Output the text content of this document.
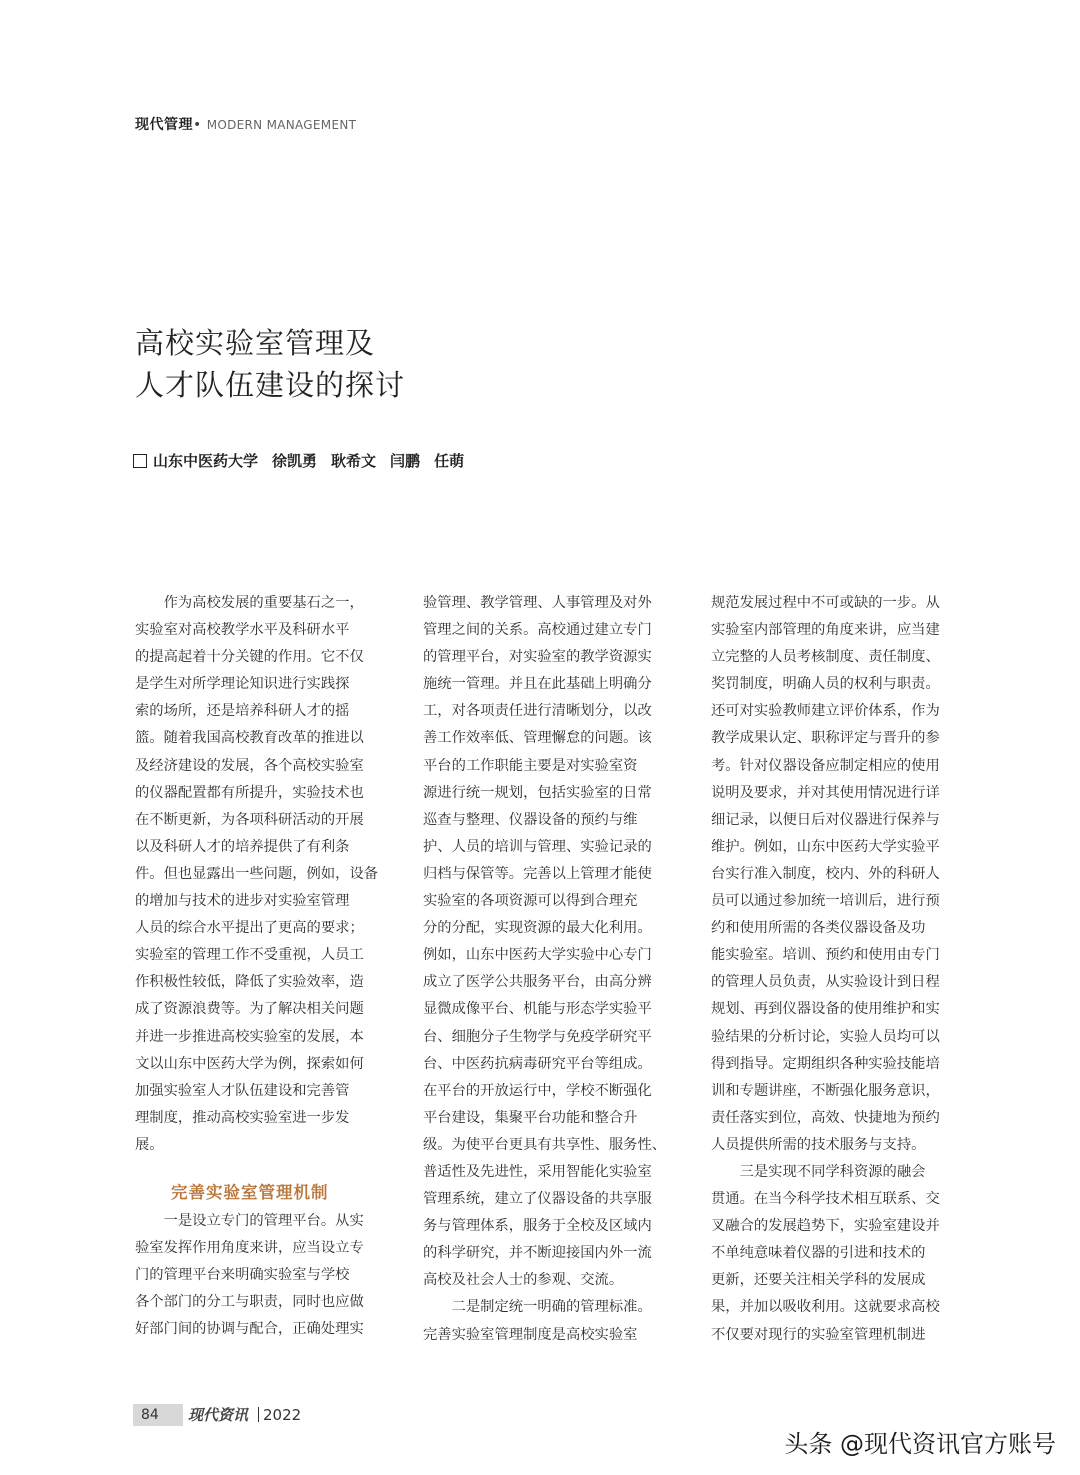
现代管理• MODERN MANAGEMENT
高校实验室管理及
人才队伍建设的探讨
山东中医药大学 徐凯勇 耿希文 闫鹏 任萌
　　作为高校发展的重要基石之一，
实验室对高校教学水平及科研水平
的提高起着十分关键的作用。它不仅
是学生对所学理论知识进行实践探
索的场所，还是培养科研人才的摇
篮。随着我国高校教育改革的推进以
及经济建设的发展，各个高校实验室
的仪器配置都有所提升，实验技术也
在不断更新，为各项科研活动的开展
以及科研人才的培养提供了有利条
件。但也显露出一些问题，例如，设备
的增加与技术的进步对实验室管理
人员的综合水平提出了更高的要求；
实验室的管理工作不受重视，人员工
作积极性较低，降低了实验效率，造
成了资源浪费等。为了解决相关问题
并进一步推进高校实验室的发展，本
文以山东中医药大学为例，探索如何
加强实验室人才队伍建设和完善管
理制度，推动高校实验室进一步发
展。
完善实验室管理机制
　　一是设立专门的管理平台。从实
验室发挥作用角度来讲，应当设立专
门的管理平台来明确实验室与学校
各个部门的分工与职责，同时也应做
好部门间的协调与配合，正确处理实
验管理、教学管理、人事管理及对外
管理之间的关系。高校通过建立专门
的管理平台，对实验室的教学资源实
施统一管理。并且在此基础上明确分
工，对各项责任进行清晰划分，以改
善工作效率低、管理懈怠的问题。该
平台的工作职能主要是对实验室资
源进行统一规划，包括实验室的日常
巡查与整理、仪器设备的预约与维
护、人员的培训与管理、实验记录的
归档与保管等。完善以上管理才能使
实验室的各项资源可以得到合理充
分的分配，实现资源的最大化利用。
例如，山东中医药大学实验中心专门
成立了医学公共服务平台，由高分辨
显微成像平台、机能与形态学实验平
台、细胞分子生物学与免疫学研究平
台、中医药抗病毒研究平台等组成。
在平台的开放运行中，学校不断强化
平台建设，集聚平台功能和整合升
级。为使平台更具有共享性、服务性、
普适性及先进性，采用智能化实验室
管理系统，建立了仪器设备的共享服
务与管理体系，服务于全校及区域内
的科学研究，并不断迎接国内外一流
高校及社会人士的参观、交流。
　　二是制定统一明确的管理标准。
完善实验室管理制度是高校实验室
规范发展过程中不可或缺的一步。从
实验室内部管理的角度来讲，应当建
立完整的人员考核制度、责任制度、
奖罚制度，明确人员的权利与职责。
还可对实验教师建立评价体系，作为
教学成果认定、职称评定与晋升的参
考。针对仪器设备应制定相应的使用
说明及要求，并对其使用情况进行详
细记录，以便日后对仪器进行保养与
维护。例如，山东中医药大学实验平
台实行准入制度，校内、外的科研人
员可以通过参加统一培训后，进行预
约和使用所需的各类仪器设备及功
能实验室。培训、预约和使用由专门
的管理人员负责，从实验设计到日程
规划、再到仪器设备的使用维护和实
验结果的分析讨论，实验人员均可以
得到指导。定期组织各种实验技能培
训和专题讲座，不断强化服务意识，
责任落实到位，高效、快捷地为预约
人员提供所需的技术服务与支持。
　　三是实现不同学科资源的融会
贯通。在当今科学技术相互联系、交
叉融合的发展趋势下，实验室建设并
不单纯意味着仪器的引进和技术的
更新，还要关注相关学科的发展成
果，并加以吸收利用。这就要求高校
不仅要对现行的实验室管理机制进
84	现代资讯 2022
头条 @现代资讯官方账号
